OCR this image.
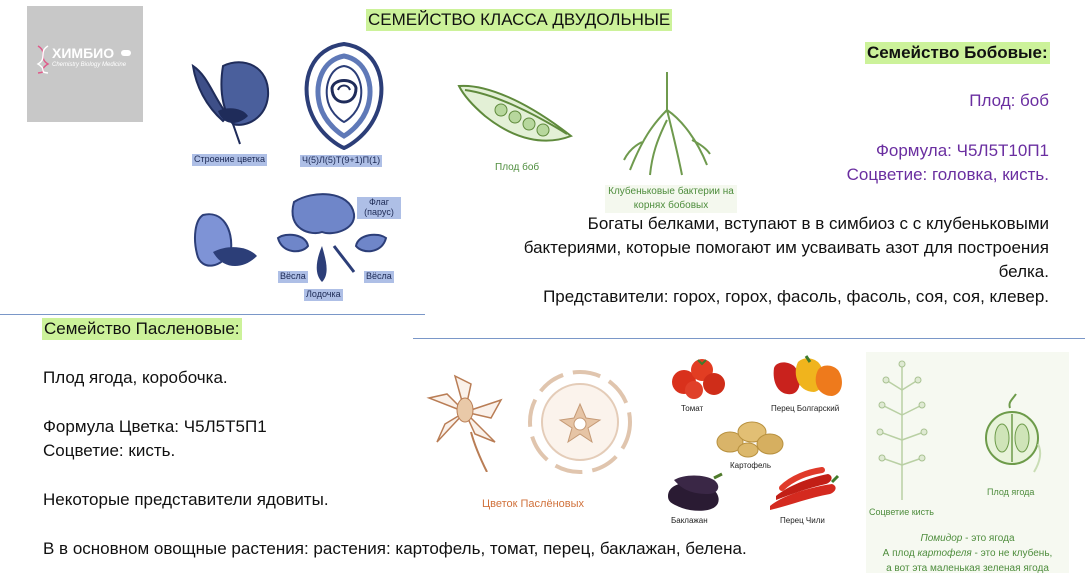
СЕМЕЙСТВО КЛАССА ДВУДОЛЬНЫЕ
ХИМБИО
Chemistry Biology Medicine
Строение цветка	Ч(5)Л(5)Т(9+1)П(1)
Флаг (парус)
Вёсла	Вёсла
Лодочка
Плод боб
Клубеньковые бактерии на корнях бобовых
Семейство Бобовые:
Плод: боб
Формула: Ч5Л5Т10П1
Соцветие: головка, кисть.
Богаты белками, вступают в в симбиоз с с клубеньковыми
бактериями, которые помогают им усваивать азот для построения
белка.
Представители: горох, горох, фасоль, фасоль, соя, соя, клевер.
Семейство Пасленовые:
Плод ягода, коробочка.
Формула Цветка: Ч5Л5Т5П1
Соцветие: кисть.
Некоторые представители ядовиты.
В в основном овощные растения: растения: картофель, томат, перец, баклажан, белена.
Цветок Паслёновых
Томат	Перец Болгарский
Картофель
Баклажан	Перец Чили
Соцветие кисть
Плод ягода
Помидор - это ягода
А плод картофеля - это не клубень,
а вот эта маленькая зеленая ягода
